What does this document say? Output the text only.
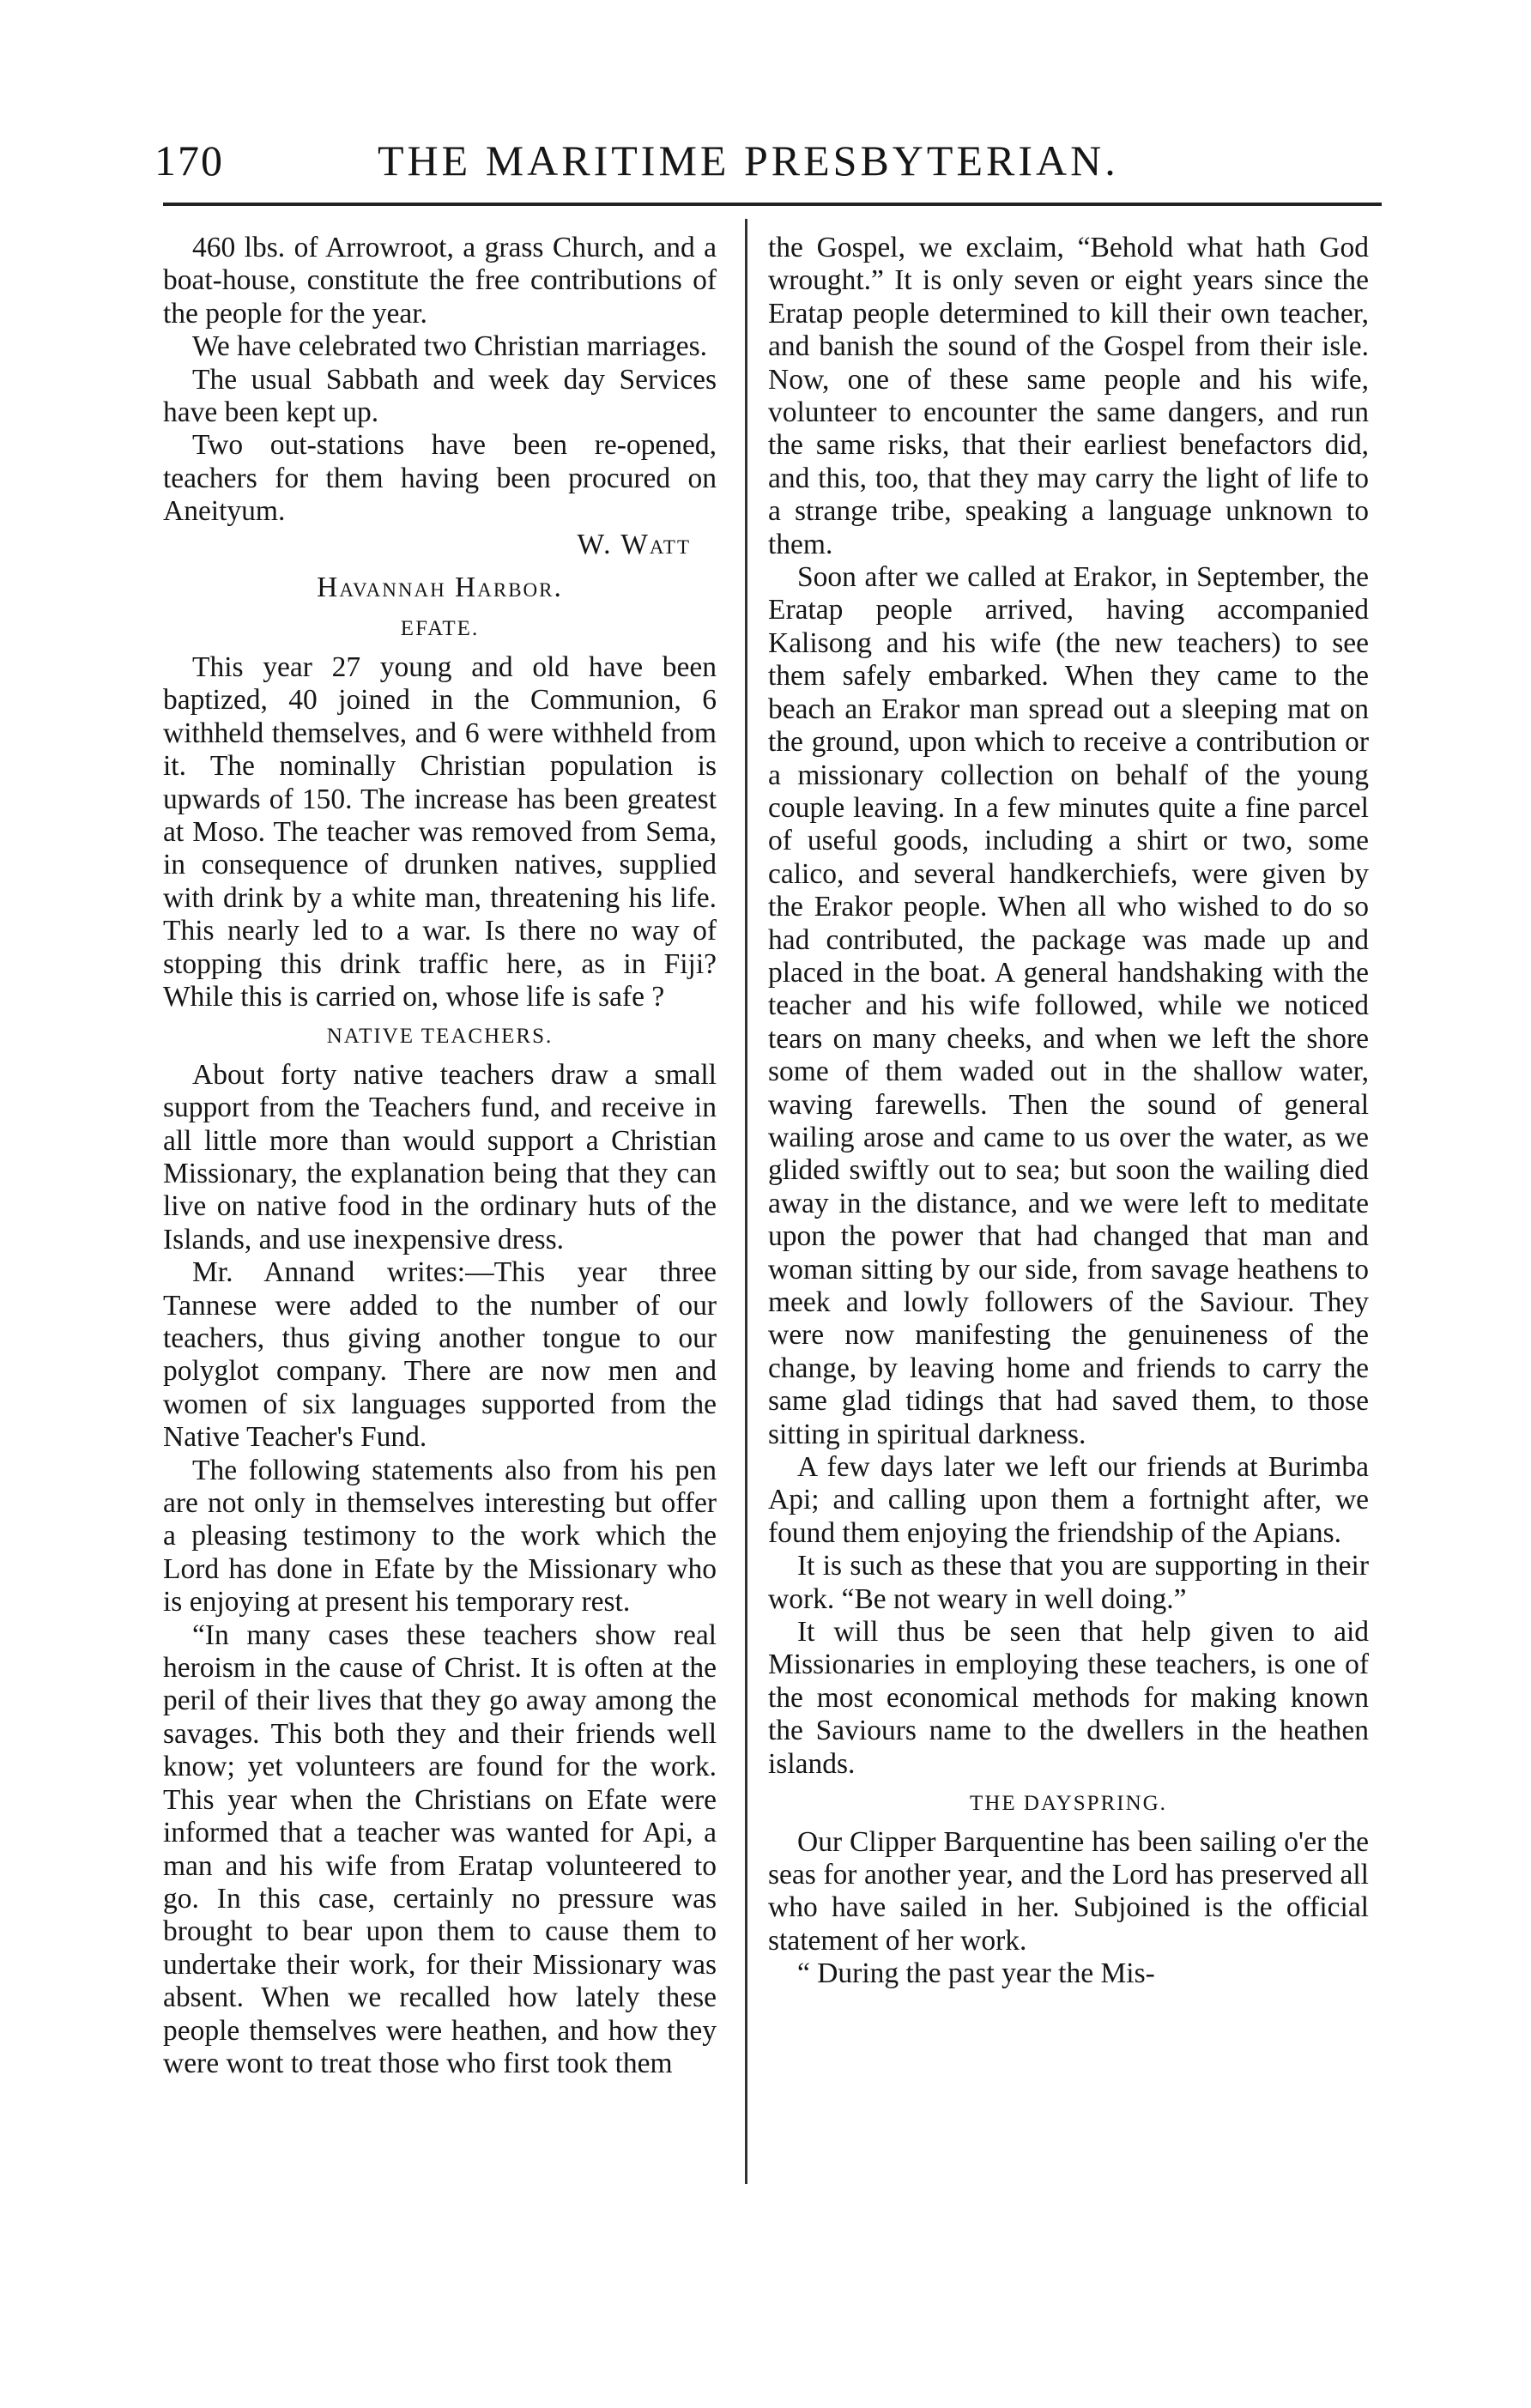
170	THE MARITIME PRESBYTERIAN.

460 lbs. of Arrowroot, a grass Church, and a boat-house, constitute the free contributions of the people for the year.

We have celebrated two Christian marriages.

The usual Sabbath and week day Services have been kept up.

Two out-stations have been re-opened, teachers for them having been procured on Aneityum.

W. Watt

Havannah Harbor.
EFATE.

This year 27 young and old have been baptized, 40 joined in the Communion, 6 withheld themselves, and 6 were withheld from it. The nominally Christian population is upwards of 150. The increase has been greatest at Moso. The teacher was removed from Sema, in consequence of drunken natives, supplied with drink by a white man, threatening his life. This nearly led to a war. Is there no way of stopping this drink traffic here, as in Fiji? While this is carried on, whose life is safe ?

NATIVE TEACHERS.

About forty native teachers draw a small support from the Teachers fund, and receive in all little more than would support a Christian Missionary, the explanation being that they can live on native food in the ordinary huts of the Islands, and use inexpensive dress.

Mr. Annand writes:—This year three Tannese were added to the number of our teachers, thus giving another tongue to our polyglot company. There are now men and women of six languages supported from the Native Teacher's Fund.

The following statements also from his pen are not only in themselves interesting but offer a pleasing testimony to the work which the Lord has done in Efate by the Missionary who is enjoying at present his temporary rest.

“In many cases these teachers show real heroism in the cause of Christ. It is often at the peril of their lives that they go away among the savages. This both they and their friends well know; yet volunteers are found for the work. This year when the Christians on Efate were informed that a teacher was wanted for Api, a man and his wife from Eratap volunteered to go. In this case, certainly no pressure was brought to bear upon them to cause them to undertake their work, for their Missionary was absent. When we recalled how lately these people themselves were heathen, and how they were wont to treat those who first took them

the Gospel, we exclaim, “Behold what hath God wrought.” It is only seven or eight years since the Eratap people determined to kill their own teacher, and banish the sound of the Gospel from their isle. Now, one of these same people and his wife, volunteer to encounter the same dangers, and run the same risks, that their earliest benefactors did, and this, too, that they may carry the light of life to a strange tribe, speaking a language unknown to them.

Soon after we called at Erakor, in September, the Eratap people arrived, having accompanied Kalisong and his wife (the new teachers) to see them safely embarked. When they came to the beach an Erakor man spread out a sleeping mat on the ground, upon which to receive a contribution or a missionary collection on behalf of the young couple leaving. In a few minutes quite a fine parcel of useful goods, including a shirt or two, some calico, and several handkerchiefs, were given by the Erakor people. When all who wished to do so had contributed, the package was made up and placed in the boat. A general handshaking with the teacher and his wife followed, while we noticed tears on many cheeks, and when we left the shore some of them waded out in the shallow water, waving farewells. Then the sound of general wailing arose and came to us over the water, as we glided swiftly out to sea; but soon the wailing died away in the distance, and we were left to meditate upon the power that had changed that man and woman sitting by our side, from savage heathens to meek and lowly followers of the Saviour. They were now manifesting the genuineness of the change, by leaving home and friends to carry the same glad tidings that had saved them, to those sitting in spiritual darkness.

A few days later we left our friends at Burimba Api; and calling upon them a fortnight after, we found them enjoying the friendship of the Apians.

It is such as these that you are supporting in their work. “Be not weary in well doing.”

It will thus be seen that help given to aid Missionaries in employing these teachers, is one of the most economical methods for making known the Saviours name to the dwellers in the heathen islands.

THE DAYSPRING.

Our Clipper Barquentine has been sailing o'er the seas for another year, and the Lord has preserved all who have sailed in her. Subjoined is the official statement of her work.

“ During the past year the Mis-
